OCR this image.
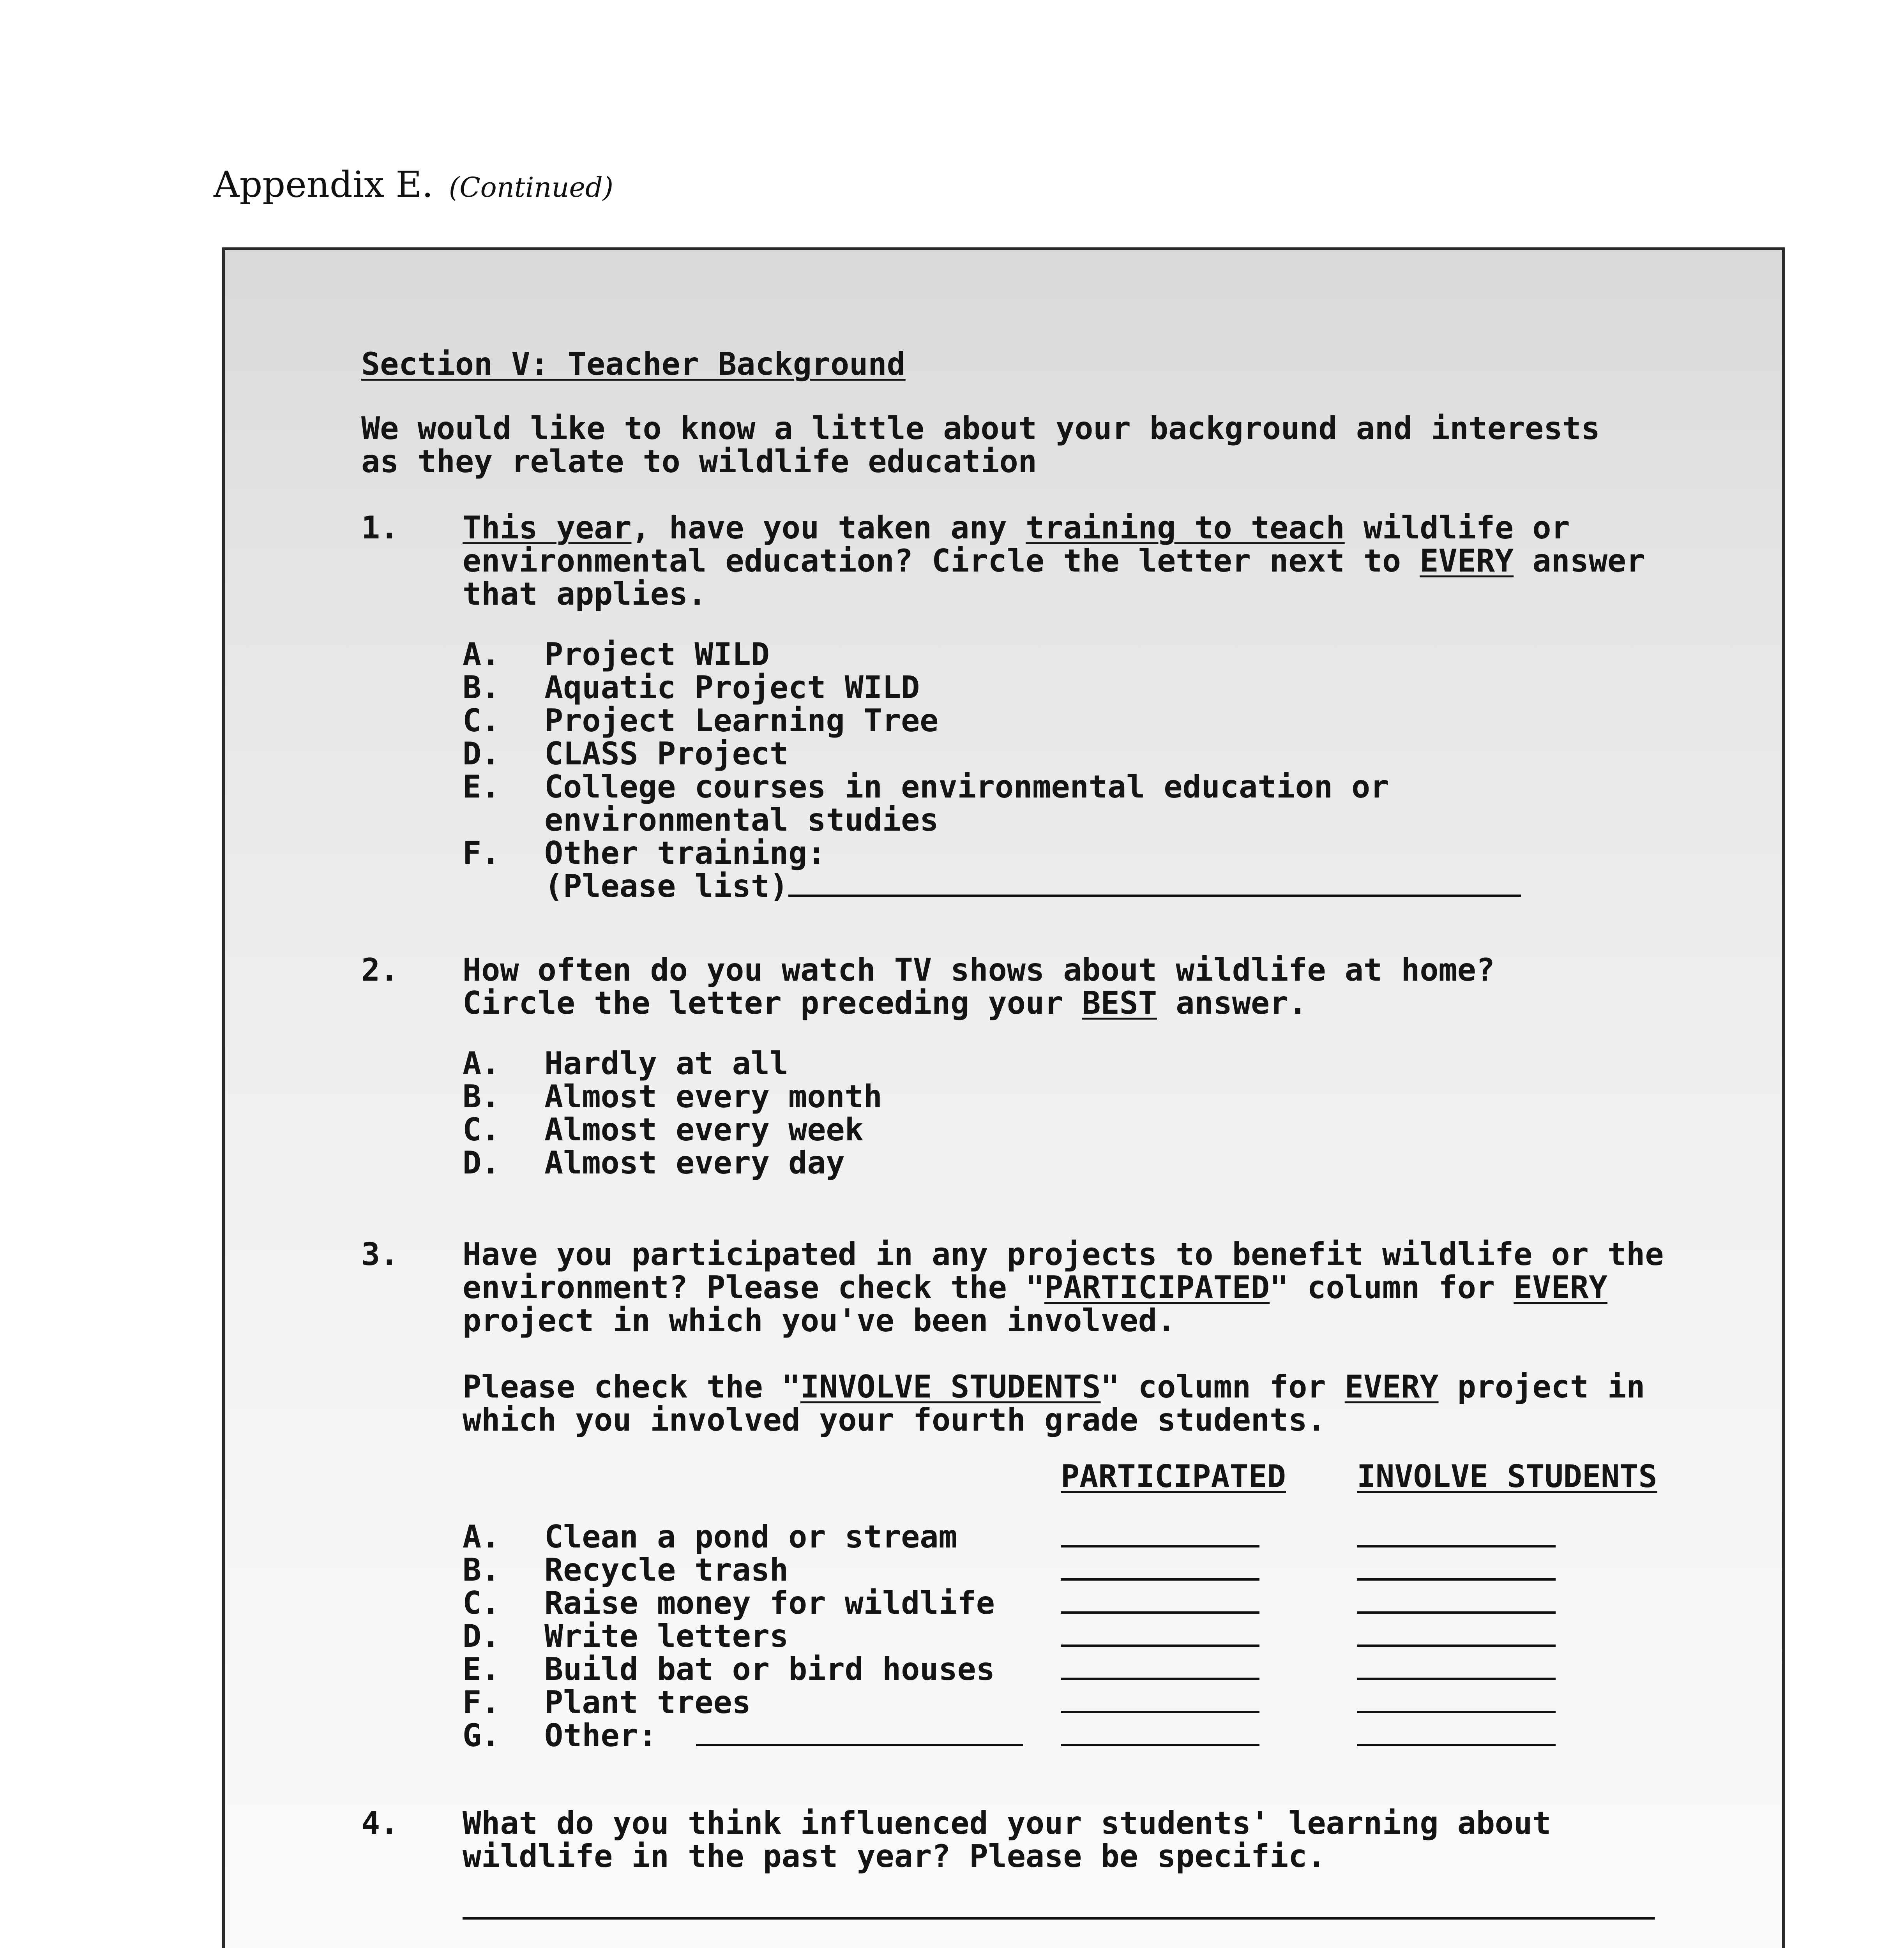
Appendix E. (Continued)
Section V: Teacher Background
We would like to know a little about your background and interests
as they relate to wildlife education
1.	This year, have you taken any training to teach wildlife or environmental education? Circle the letter next to EVERY answer that applies.
A.	Project WILD
B.	Aquatic Project WILD
C.	Project Learning Tree
D.	CLASS Project
E.	College courses in environmental education or environmental studies
F.	Other training:
(Please list)
2.	How often do you watch TV shows about wildlife at home? Circle the letter preceding your BEST answer.
A.	Hardly at all
B.	Almost every month
C.	Almost every week
D.	Almost every day
3.	Have you participated in any projects to benefit wildlife or the environment? Please check the "PARTICIPATED" column for EVERY project in which you've been involved.
Please check the "INVOLVE STUDENTS" column for EVERY project in which you involved your fourth grade students.
PARTICIPATED	INVOLVE STUDENTS
A.	Clean a pond or stream
B.	Recycle trash
C.	Raise money for wildlife
D.	Write letters
E.	Build bat or bird houses
F.	Plant trees
G.	Other:
4.	What do you think influenced your students' learning about wildlife in the past year? Please be specific.
